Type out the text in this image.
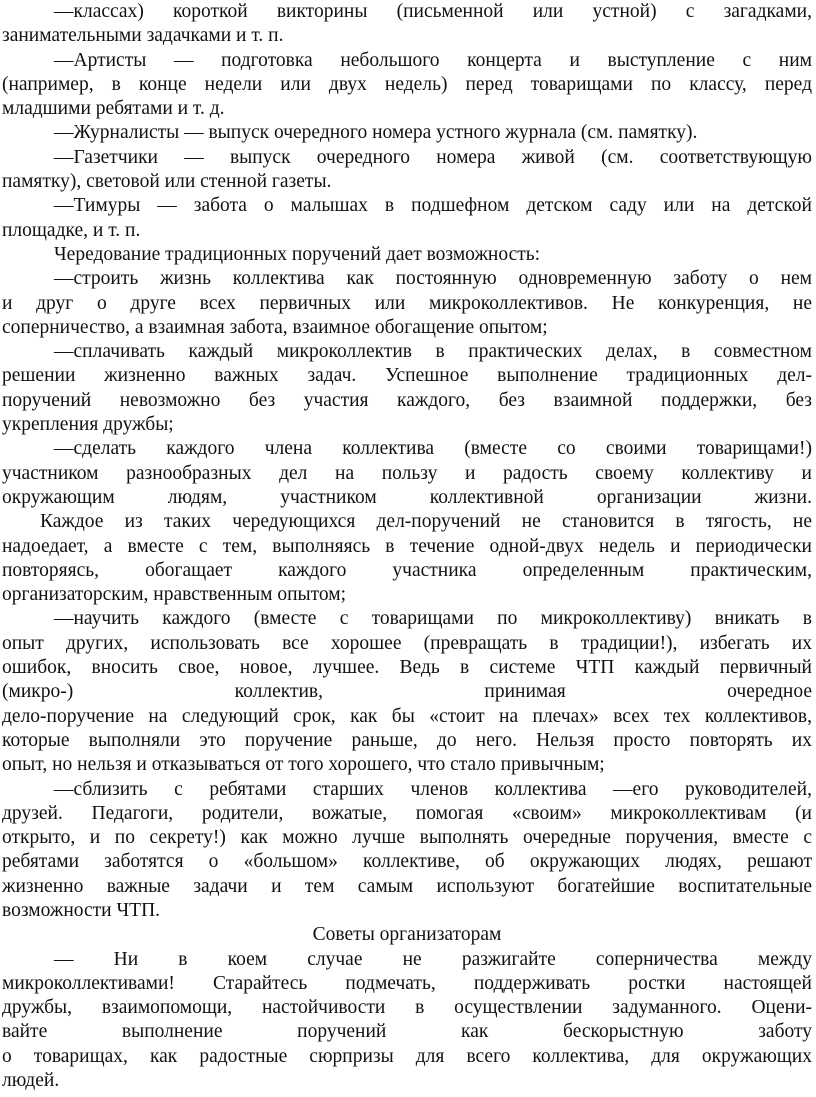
—классах) короткой викторины (письменной или устной) с загадками,
занимательными задачками и т. п.
—Артисты — подготовка небольшого концерта и выступление с ним
(например, в конце недели или двух недель) перед товарищами по классу, перед
младшими ребятами и т. д.
—Журналисты — выпуск очередного номера устного журнала (см. памятку).
—Газетчики — выпуск очередного номера живой (см. соответствующую
памятку), световой или стенной газеты.
—Тимуры — забота о малышах в подшефном детском саду или на детской
площадке, и т. п.
Чередование традиционных поручений дает возможность:
—строить жизнь коллектива как постоянную одновременную заботу о нем
и друг о друге всех первичных или микроколлективов. Не конкуренция, не
соперничество, а взаимная забота, взаимное обогащение опытом;
—сплачивать каждый микроколлектив в практических делах, в совместном
решении жизненно важных задач. Успешное выполнение традиционных дел-
поручений невозможно без участия каждого, без взаимной поддержки, без
укрепления дружбы;
—сделать каждого члена коллектива (вместе со своими товарищами!)
участником разнообразных дел на пользу и радость своему коллективу и
окружающим людям, участником коллективной организации жизни.
Каждое из таких чередующихся дел-поручений не становится в тягость, не
надоедает, а вместе с тем, выполняясь в течение одной-двух недель и периодически
повторяясь, обогащает каждого участника определенным практическим,
организаторским, нравственным опытом;
—научить каждого (вместе с товарищами по микроколлективу) вникать в
опыт других, использовать все хорошее (превращать в традиции!), избегать их
ошибок, вносить свое, новое, лучшее. Ведь в системе ЧТП каждый первичный
(микро-) коллектив, принимая очередное
дело-поручение на следующий срок, как бы «стоит на плечах» всех тех коллективов,
которые выполняли это поручение раньше, до него. Нельзя просто повторять их
опыт, но нельзя и отказываться от того хорошего, что стало привычным;
—сблизить с ребятами старших членов коллектива —его руководителей,
друзей. Педагоги, родители, вожатые, помогая «своим» микроколлективам (и
открыто, и по секрету!) как можно лучше выполнять очередные поручения, вместе с
ребятами заботятся о «большом» коллективе, об окружающих людях, решают
жизненно важные задачи и тем самым используют богатейшие воспитательные
возможности ЧТП.
Советы организаторам
— Ни в коем случае не разжигайте соперничества между
микроколлективами! Старайтесь подмечать, поддерживать ростки настоящей
дружбы, взаимопомощи, настойчивости в осуществлении задуманного. Оцени-
вайте выполнение поручений как бескорыстную заботу
о товарищах, как радостные сюрпризы для всего коллектива, для окружающих
людей.
